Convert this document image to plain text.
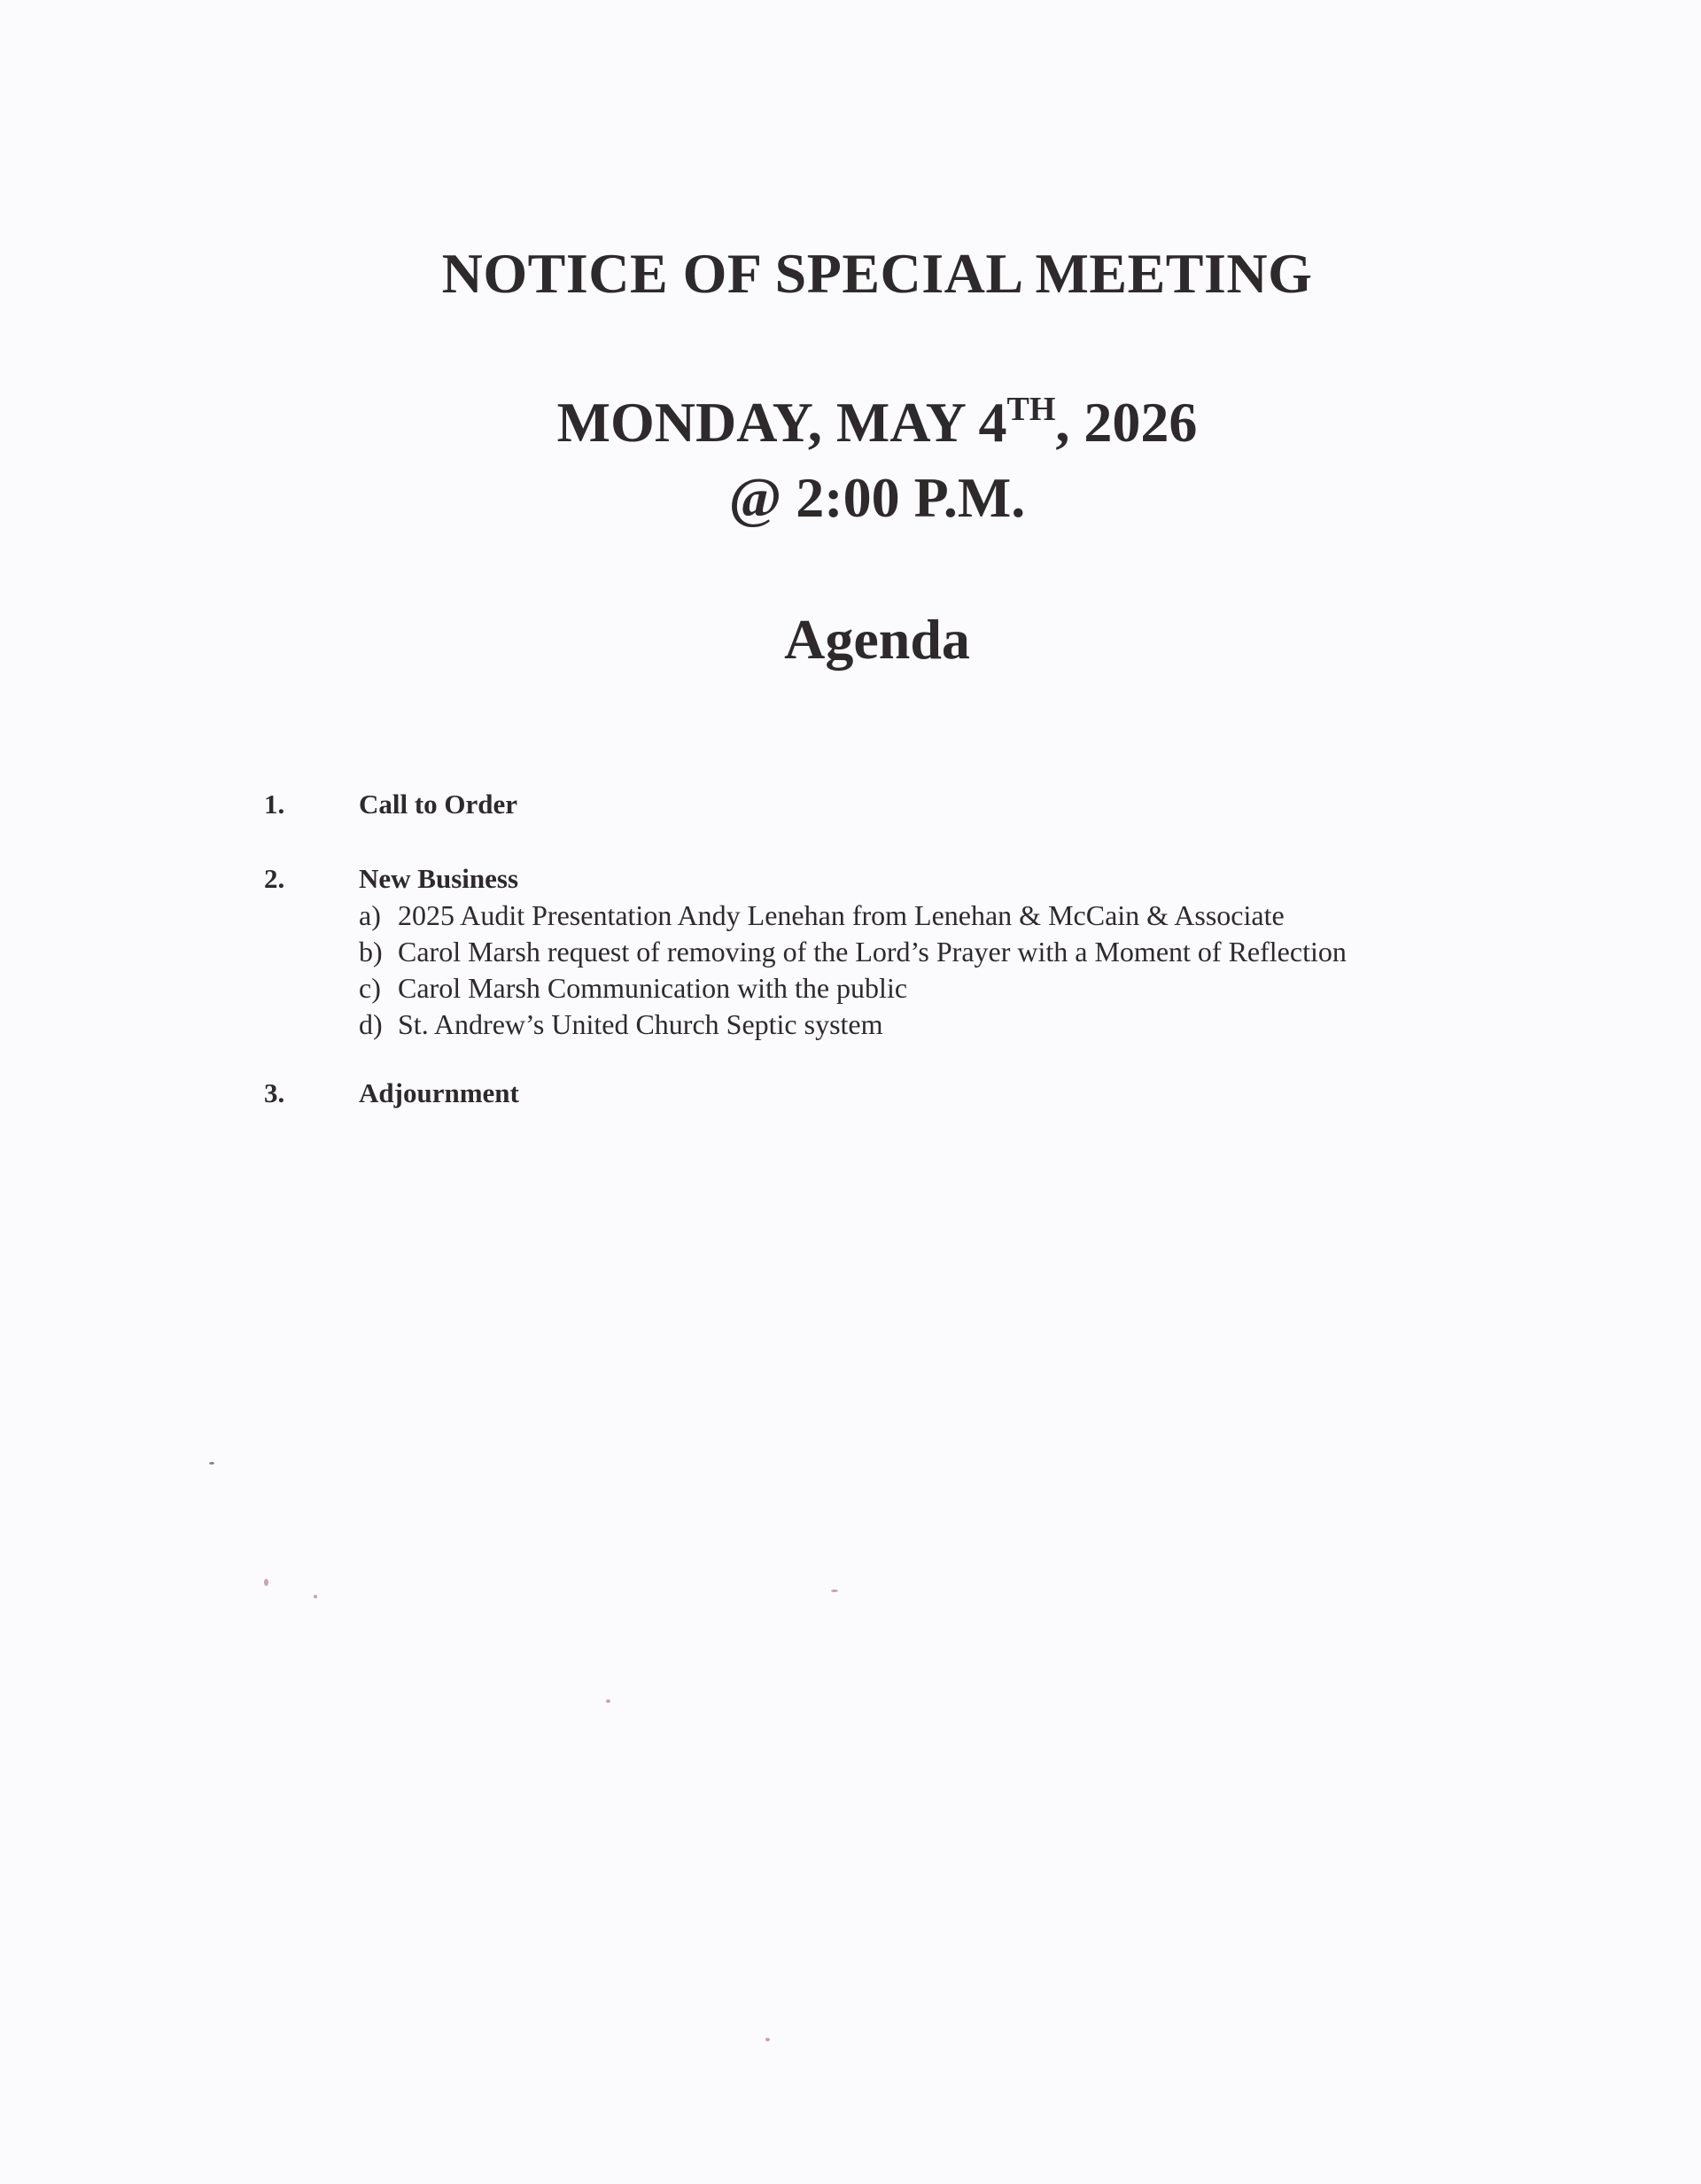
NOTICE OF SPECIAL MEETING
MONDAY, MAY 4TH, 2026
@ 2:00 P.M.
Agenda
1.	Call to Order
2.	New Business
a) 2025 Audit Presentation Andy Lenehan from Lenehan & McCain & Associate
b) Carol Marsh request of removing of the Lord’s Prayer with a Moment of Reflection
c) Carol Marsh Communication with the public
d) St. Andrew’s United Church Septic system
3.	Adjournment
